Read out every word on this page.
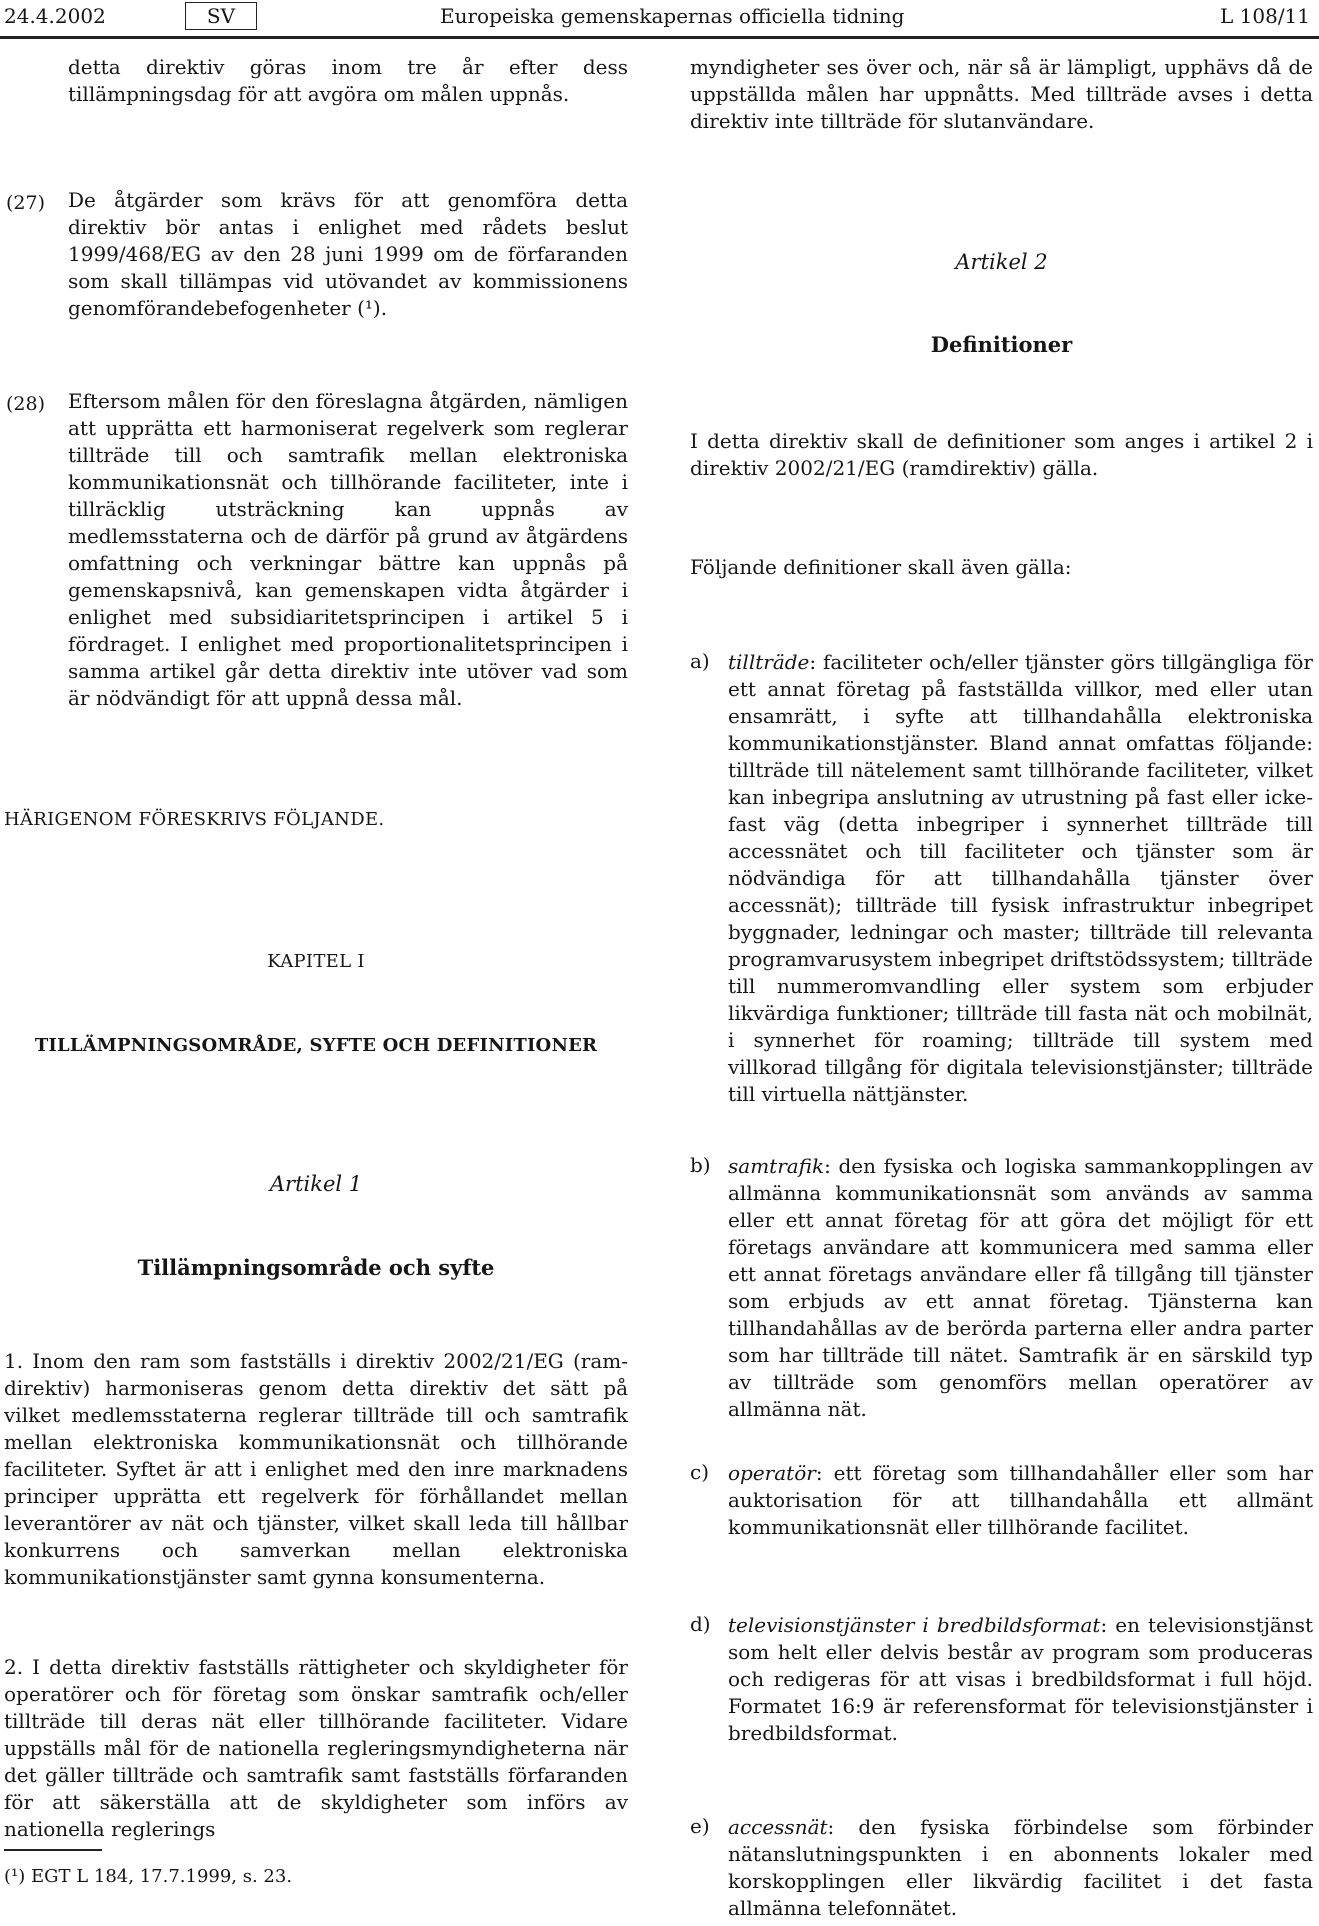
24.4.2002	SV	Europeiska gemenskapernas officiella tidning	L 108/11
detta direktiv göras inom tre år efter dess tillämpningsdag för att avgöra om målen uppnås.
(27) De åtgärder som krävs för att genomföra detta direktiv bör antas i enlighet med rådets beslut 1999/468/EG av den 28 juni 1999 om de förfaranden som skall tillämpas vid utövandet av kommissionens genomförandebefogenheter (¹).
(28) Eftersom målen för den föreslagna åtgärden, nämligen att upprätta ett harmoniserat regelverk som reglerar tillträde till och samtrafik mellan elektroniska kommunikationsnät och tillhörande faciliteter, inte i tillräcklig utsträckning kan uppnås av medlemsstaterna och de därför på grund av åtgärdens omfattning och verkningar bättre kan uppnås på gemenskapsnivå, kan gemenskapen vidta åtgärder i enlighet med subsidiaritetsprincipen i artikel 5 i fördraget. I enlighet med proportionalitetsprincipen i samma artikel går detta direktiv inte utöver vad som är nödvändigt för att uppnå dessa mål.
HÄRIGENOM FÖRESKRIVS FÖLJANDE.
KAPITEL I
TILLÄMPNINGSOMRÅDE, SYFTE OCH DEFINITIONER
Artikel 1
Tillämpningsområde och syfte
1. Inom den ram som fastställs i direktiv 2002/21/EG (ramdirektiv) harmoniseras genom detta direktiv det sätt på vilket medlemsstaterna reglerar tillträde till och samtrafik mellan elektroniska kommunikationsnät och tillhörande faciliteter. Syftet är att i enlighet med den inre marknadens principer upprätta ett regelverk för förhållandet mellan leverantörer av nät och tjänster, vilket skall leda till hållbar konkurrens och samverkan mellan elektroniska kommunikationstjänster samt gynna konsumenterna.
2. I detta direktiv fastställs rättigheter och skyldigheter för operatörer och för företag som önskar samtrafik och/eller tillträde till deras nät eller tillhörande faciliteter. Vidare uppställs mål för de nationella regleringsmyndigheterna när det gäller tillträde och samtrafik samt fastställs förfaranden för att säkerställa att de skyldigheter som införs av nationella reglerings
(¹) EGT L 184, 17.7.1999, s. 23.
myndigheter ses över och, när så är lämpligt, upphävs då de uppställda målen har uppnåtts. Med tillträde avses i detta direktiv inte tillträde för slutanvändare.
Artikel 2
Definitioner
I detta direktiv skall de definitioner som anges i artikel 2 i direktiv 2002/21/EG (ramdirektiv) gälla.
Följande definitioner skall även gälla:
a) tillträde: faciliteter och/eller tjänster görs tillgängliga för ett annat företag på fastställda villkor, med eller utan ensamrätt, i syfte att tillhandahålla elektroniska kommunikationstjänster. Bland annat omfattas följande: tillträde till nätelement samt tillhörande faciliteter, vilket kan inbegripa anslutning av utrustning på fast eller icke-fast väg (detta inbegriper i synnerhet tillträde till accessnätet och till faciliteter och tjänster som är nödvändiga för att tillhandahålla tjänster över accessnät); tillträde till fysisk infrastruktur inbegripet byggnader, ledningar och master; tillträde till relevanta programvarusystem inbegripet driftstödssystem; tillträde till nummeromvandling eller system som erbjuder likvärdiga funktioner; tillträde till fasta nät och mobilnät, i synnerhet för roaming; tillträde till system med villkorad tillgång för digitala televisionstjänster; tillträde till virtuella nättjänster.
b) samtrafik: den fysiska och logiska sammankopplingen av allmänna kommunikationsnät som används av samma eller ett annat företag för att göra det möjligt för ett företags användare att kommunicera med samma eller ett annat företags användare eller få tillgång till tjänster som erbjuds av ett annat företag. Tjänsterna kan tillhandahållas av de berörda parterna eller andra parter som har tillträde till nätet. Samtrafik är en särskild typ av tillträde som genomförs mellan operatörer av allmänna nät.
c) operatör: ett företag som tillhandahåller eller som har auktorisation för att tillhandahålla ett allmänt kommunikationsnät eller tillhörande facilitet.
d) televisionstjänster i bredbildsformat: en televisionstjänst som helt eller delvis består av program som produceras och redigeras för att visas i bredbildsformat i full höjd. Formatet 16:9 är referensformat för televisionstjänster i bredbildsformat.
e) accessnät: den fysiska förbindelse som förbinder nätanslutningspunkten i en abonnents lokaler med korskopplingen eller likvärdig facilitet i det fasta allmänna telefonnätet.
